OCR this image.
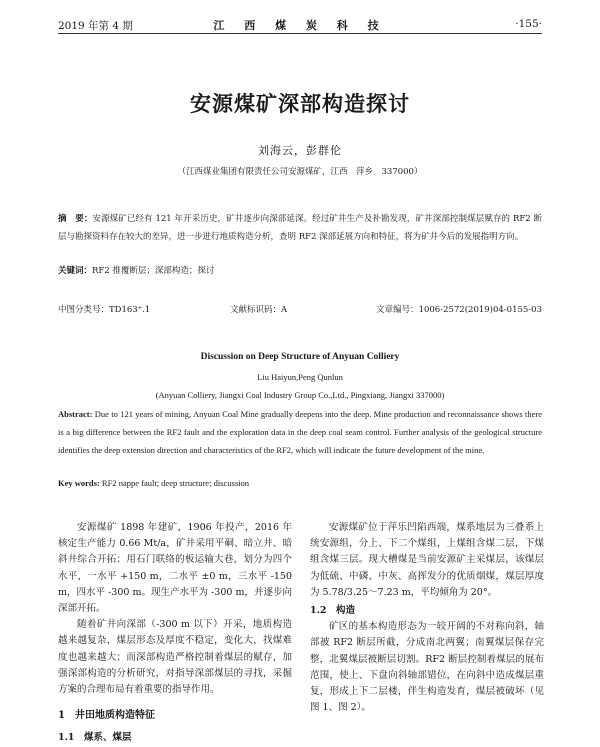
2019 年第 4 期	江 西 煤 炭 科 技	·155·
安源煤矿深部构造探讨
刘海云，彭群伦
（江西煤业集团有限责任公司安源煤矿，江西　萍乡　337000）
摘　要：安源煤矿已经有 121 年开采历史，矿井逐步向深部延深。经过矿井生产及补勘发现，矿井深部控制煤层赋存的 RF2 断层与勘探资料存在较大的差异，进一步进行地质构造分析，查明 RF2 深部延展方向和特征，将为矿井今后的发展指明方向。
关键词：RF2 推覆断层；深部构造；探讨
中图分类号：TD163⁺.1	文献标识码：A	文章编号：1006-2572(2019)04-0155-03
Discussion on Deep Structure of Anyuan Colliery
Liu Haiyun,Peng Qunlun
(Anyuan Colliery, Jiangxi Coal Industry Group Co.,Ltd., Pingxiang, Jiangxi 337000)
Abstract: Due to 121 years of mining, Anyuan Coal Mine gradually deepens into the deep. Mine production and reconnaissance shows there is a big difference between the RF2 fault and the exploration data in the deep coal seam control. Further analysis of the geological structure identifies the deep extension direction and characteristics of the RF2, which will indicate the future development of the mine.
Key words: RF2 nappe fault; deep structure; discussion

安源煤矿 1898 年建矿，1906 年投产，2016 年核定生产能力 0.66 Mt/a，矿井采用平硐、暗立井、暗斜井综合开拓；用石门联络的板运输大巷，划分为四个水平，一水平 +150 m，二水平 ±0 m，三水平 -150 m，四水平 -300 m。现生产水平为 -300 m，并逐步向深部开拓。

随着矿井向深部（-300 m 以下）开采，地质构造越来越复杂，煤层形态及厚度不稳定，变化大，找煤难度也越来越大；而深部构造严格控制着煤层的赋存，加强深部构造的分析研究，对指导深部煤层的寻找，采掘方案的合理布局有着重要的指导作用。

1　井田地质构造特征
1.1　煤系、煤层

安源煤矿位于萍乐凹陷西端，煤系地层为三叠系上统安源组，分上、下二个煤组，上煤组含煤二层，下煤组含煤三层。现大槽煤是当前安源矿主采煤层，该煤层为低硫、中磷、中灰、高挥发分的优质烟煤，煤层厚度为 5.78/3.25～7.23 m，平均倾角为 20°。

1.2　构造

矿区的基本构造形态为一较开阔的不对称向斜，轴部被 RF2 断层所截，分成南北两翼；南翼煤层保存完整，北翼煤层被断层切割。RF2 断层控制着煤层的展布范围，使上、下盘向斜轴部错位，在向斜中造成煤层重复，形成上下二层楼，伴生构造发育，煤层被破坏（见图 1、图 2）。
